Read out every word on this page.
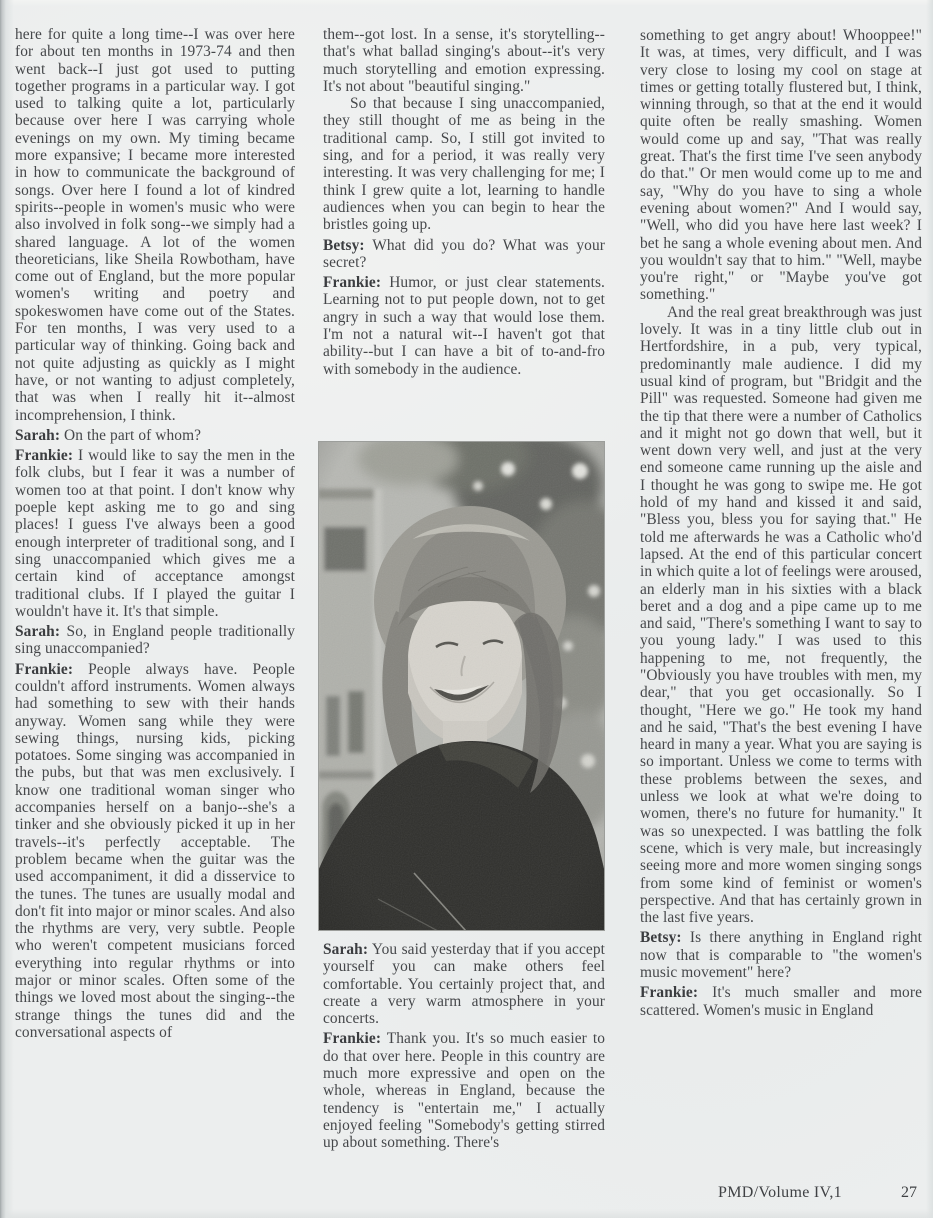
here for quite a long time--I was over here for about ten months in 1973-74 and then went back--I just got used to putting together programs in a particular way. I got used to talking quite a lot, particularly because over here I was carrying whole evenings on my own. My timing became more expansive; I became more interested in how to communicate the background of songs. Over here I found a lot of kindred spirits--people in women's music who were also involved in folk song--we simply had a shared language. A lot of the women theoreticians, like Sheila Rowbotham, have come out of England, but the more popular women's writing and poetry and spokeswomen have come out of the States. For ten months, I was very used to a particular way of thinking. Going back and not quite adjusting as quickly as I might have, or not wanting to adjust completely, that was when I really hit it--almost incomprehension, I think.

Sarah: On the part of whom?

Frankie: I would like to say the men in the folk clubs, but I fear it was a number of women too at that point. I don't know why poeple kept asking me to go and sing places! I guess I've always been a good enough interpreter of traditional song, and I sing unaccompanied which gives me a certain kind of acceptance amongst traditional clubs. If I played the guitar I wouldn't have it. It's that simple.

Sarah: So, in England people traditionally sing unaccompanied?

Frankie: People always have. People couldn't afford instruments. Women always had something to sew with their hands anyway. Women sang while they were sewing things, nursing kids, picking potatoes. Some singing was accompanied in the pubs, but that was men exclusively. I know one traditional woman singer who accompanies herself on a banjo--she's a tinker and she obviously picked it up in her travels--it's perfectly acceptable. The problem became when the guitar was the used accompaniment, it did a disservice to the tunes. The tunes are usually modal and don't fit into major or minor scales. And also the rhythms are very, very subtle. People who weren't competent musicians forced everything into regular rhythms or into major or minor scales. Often some of the things we loved most about the singing--the strange things the tunes did and the conversational aspects of

them--got lost. In a sense, it's storytelling--that's what ballad singing's about--it's very much storytelling and emotion expressing. It's not about "beautiful singing."

So that because I sing unaccompanied, they still thought of me as being in the traditional camp. So, I still got invited to sing, and for a period, it was really very interesting. It was very challenging for me; I think I grew quite a lot, learning to handle audiences when you can begin to hear the bristles going up.

Betsy: What did you do? What was your secret?

Frankie: Humor, or just clear statements. Learning not to put people down, not to get angry in such a way that would lose them. I'm not a natural wit--I haven't got that ability--but I can have a bit of to-and-fro with somebody in the audience.

Sarah: You said yesterday that if you accept yourself you can make others feel comfortable. You certainly project that, and create a very warm atmosphere in your concerts.

Frankie: Thank you. It's so much easier to do that over here. People in this country are much more expressive and open on the whole, whereas in England, because the tendency is "entertain me," I actually enjoyed feeling "Somebody's getting stirred up about something. There's

something to get angry about! Whooppee!" It was, at times, very difficult, and I was very close to losing my cool on stage at times or getting totally flustered but, I think, winning through, so that at the end it would quite often be really smashing. Women would come up and say, "That was really great. That's the first time I've seen anybody do that." Or men would come up to me and say, "Why do you have to sing a whole evening about women?" And I would say, "Well, who did you have here last week? I bet he sang a whole evening about men. And you wouldn't say that to him." "Well, maybe you're right," or "Maybe you've got something."

And the real great breakthrough was just lovely. It was in a tiny little club out in Hertfordshire, in a pub, very typical, predominantly male audience. I did my usual kind of program, but "Bridgit and the Pill" was requested. Someone had given me the tip that there were a number of Catholics and it might not go down that well, but it went down very well, and just at the very end someone came running up the aisle and I thought he was gong to swipe me. He got hold of my hand and kissed it and said, "Bless you, bless you for saying that." He told me afterwards he was a Catholic who'd lapsed. At the end of this particular concert in which quite a lot of feelings were aroused, an elderly man in his sixties with a black beret and a dog and a pipe came up to me and said, "There's something I want to say to you young lady." I was used to this happening to me, not frequently, the "Obviously you have troubles with men, my dear," that you get occasionally. So I thought, "Here we go." He took my hand and he said, "That's the best evening I have heard in many a year. What you are saying is so important. Unless we come to terms with these problems between the sexes, and unless we look at what we're doing to women, there's no future for humanity." It was so unexpected. I was battling the folk scene, which is very male, but increasingly seeing more and more women singing songs from some kind of feminist or women's perspective. And that has certainly grown in the last five years.

Betsy: Is there anything in England right now that is comparable to "the women's music movement" here?

Frankie: It's much smaller and more scattered. Women's music in England

PMD/Volume IV,1	27
